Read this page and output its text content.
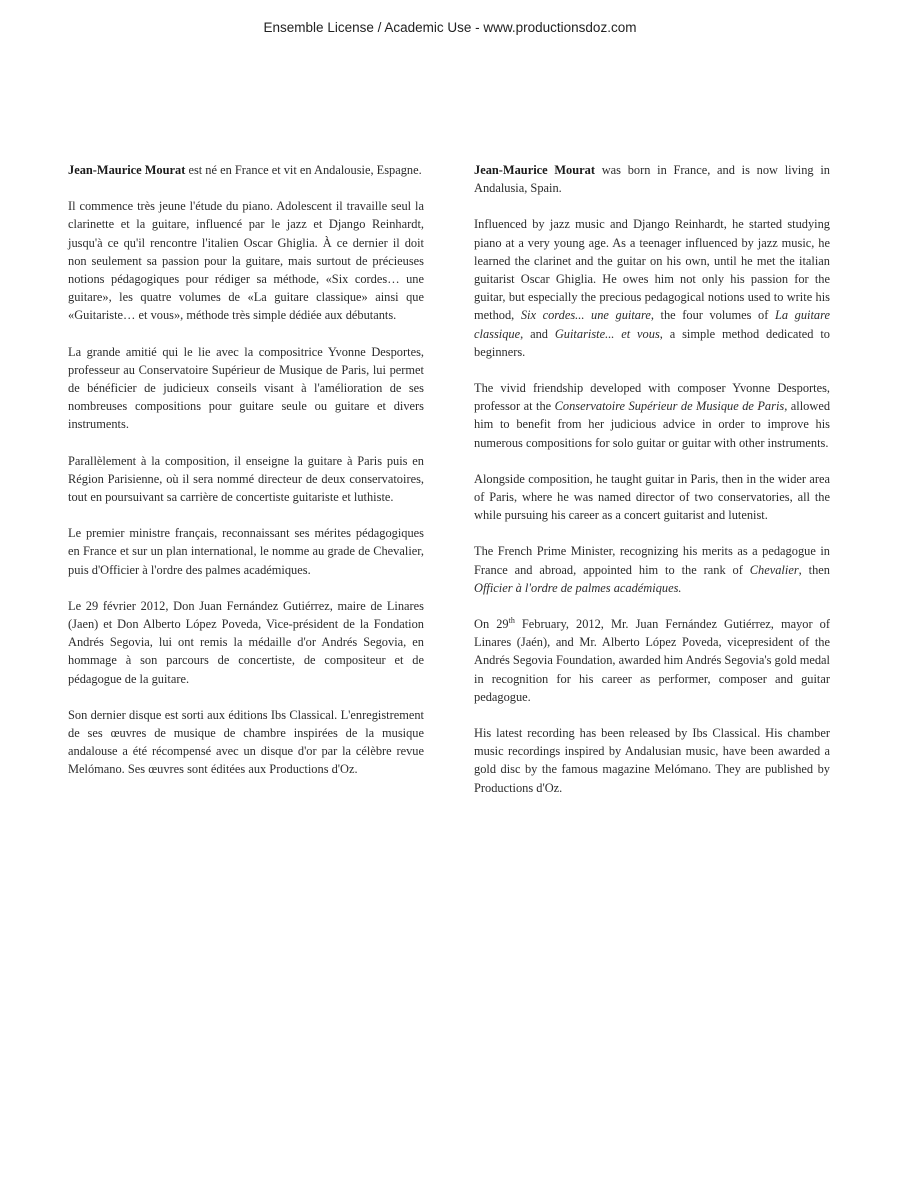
Ensemble License / Academic Use - www.productionsdoz.com

Jean-Maurice Mourat est né en France et vit en Andalousie, Espagne.

Il commence très jeune l'étude du piano. Adolescent il travaille seul la clarinette et la guitare, influencé par le jazz et Django Reinhardt, jusqu'à ce qu'il rencontre l'italien Oscar Ghiglia. À ce dernier il doit non seulement sa passion pour la guitare, mais surtout de précieuses notions pédagogiques pour rédiger sa méthode, «Six cordes… une guitare», les quatre volumes de «La guitare classique» ainsi que «Guitariste… et vous», méthode très simple dédiée aux débutants.

La grande amitié qui le lie avec la compositrice Yvonne Desportes, professeur au Conservatoire Supérieur de Musique de Paris, lui permet de bénéficier de judicieux conseils visant à l'amélioration de ses nombreuses compositions pour guitare seule ou guitare et divers instruments.

Parallèlement à la composition, il enseigne la guitare à Paris puis en Région Parisienne, où il sera nommé directeur de deux conservatoires, tout en poursuivant sa carrière de concertiste guitariste et luthiste.

Le premier ministre français, reconnaissant ses mérites pédagogiques en France et sur un plan international, le nomme au grade de Chevalier, puis d'Officier à l'ordre des palmes académiques.

Le 29 février 2012, Don Juan Fernández Gutiérrez, maire de Linares (Jaen) et Don Alberto López Poveda, Vice-président de la Fondation Andrés Segovia, lui ont remis la médaille d'or Andrés Segovia, en hommage à son parcours de concertiste, de compositeur et de pédagogue de la guitare.

Son dernier disque est sorti aux éditions Ibs Classical. L'enregistrement de ses œuvres de musique de chambre inspirées de la musique andalouse a été récompensé avec un disque d'or par la célèbre revue Melómano. Ses œuvres sont éditées aux Productions d'Oz.

Jean-Maurice Mourat was born in France, and is now living in Andalusia, Spain.

Influenced by jazz music and Django Reinhardt, he started studying piano at a very young age. As a teenager influenced by jazz music, he learned the clarinet and the guitar on his own, until he met the italian guitarist Oscar Ghiglia. He owes him not only his passion for the guitar, but especially the precious pedagogical notions used to write his method, Six cordes... une guitare, the four volumes of La guitare classique, and Guitariste... et vous, a simple method dedicated to beginners.

The vivid friendship developed with composer Yvonne Desportes, professor at the Conservatoire Supérieur de Musique de Paris, allowed him to benefit from her judicious advice in order to improve his numerous compositions for solo guitar or guitar with other instruments.

Alongside composition, he taught guitar in Paris, then in the wider area of Paris, where he was named director of two conservatories, all the while pursuing his career as a concert guitarist and lutenist.

The French Prime Minister, recognizing his merits as a pedagogue in France and abroad, appointed him to the rank of Chevalier, then Officier à l'ordre de palmes académiques.

On 29th February, 2012, Mr. Juan Fernández Gutiérrez, mayor of Linares (Jaén), and Mr. Alberto López Poveda, vicepresident of the Andrés Segovia Foundation, awarded him Andrés Segovia's gold medal in recognition for his career as performer, composer and guitar pedagogue.

His latest recording has been released by Ibs Classical. His chamber music recordings inspired by Andalusian music, have been awarded a gold disc by the famous magazine Melómano. They are published by Productions d'Oz.
